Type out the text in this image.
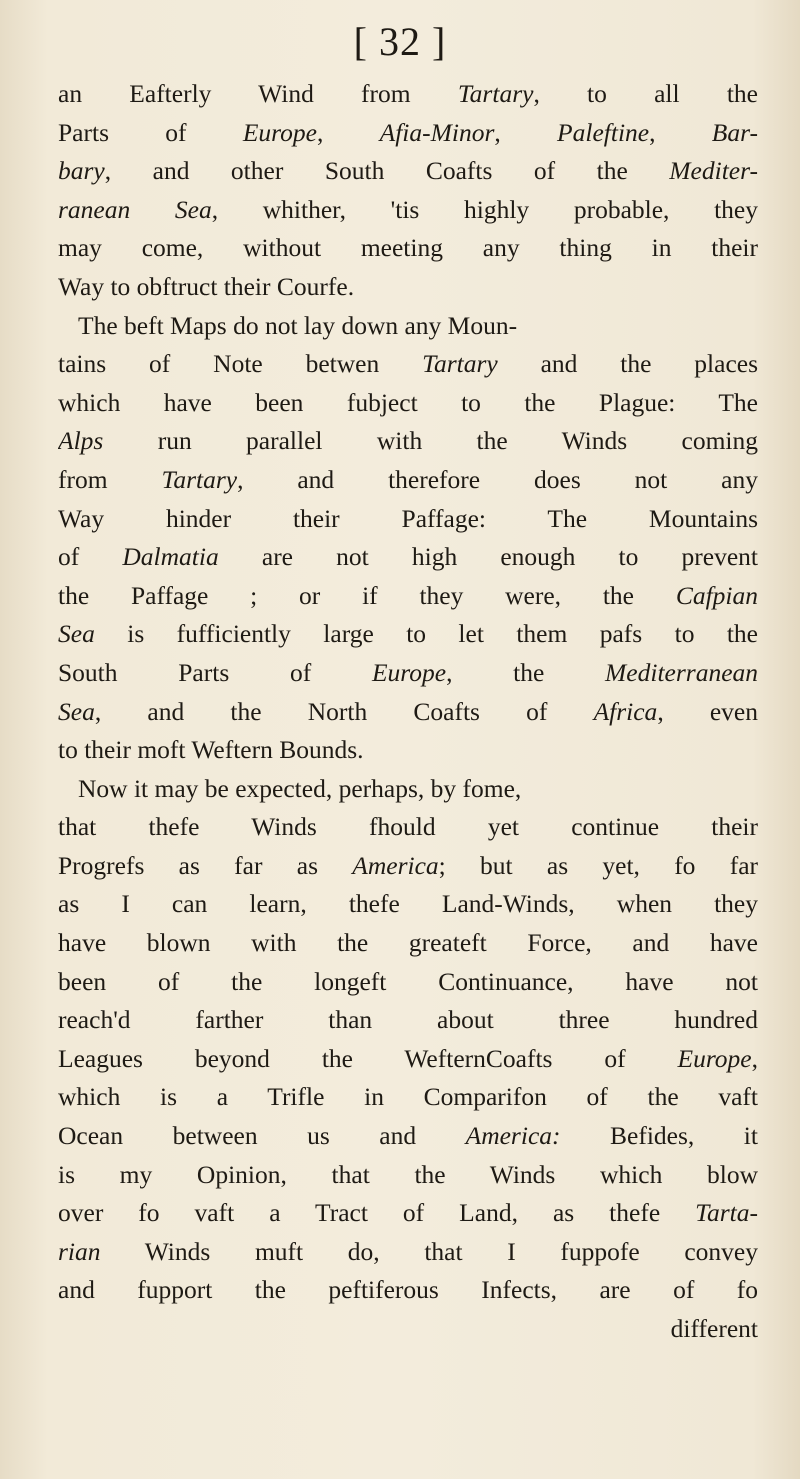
[ 32 ]
an Eafterly Wind from Tartary, to all the
Parts of Europe, Afia-Minor, Paleftine, Bar-
bary, and other South Coafts of the Mediter-
ranean Sea, whither, 'tis highly probable, they
may come, without meeting any thing in their
Way to obftruct their Courfe.
The beft Maps do not lay down any Moun-
tains of Note betwen Tartary and the places
which have been fubject to the Plague: The
Alps run parallel with the Winds coming
from Tartary, and therefore does not any
Way hinder their Paffage: The Mountains
of Dalmatia are not high enough to prevent
the Paffage ; or if they were, the Cafpian
Sea is fufficiently large to let them pafs to the
South Parts of Europe, the Mediterranean
Sea, and the North Coafts of Africa, even
to their moft Weftern Bounds.
Now it may be expected, perhaps, by fome,
that thefe Winds fhould yet continue their
Progrefs as far as America; but as yet, fo far
as I can learn, thefe Land-Winds, when they
have blown with the greateft Force, and have
been of the longeft Continuance, have not
reach'd farther than about three hundred
Leagues beyond the WefternCoafts of Europe,
which is a Trifle in Comparifon of the vaft
Ocean between us and America: Befides, it
is my Opinion, that the Winds which blow
over fo vaft a Tract of Land, as thefe Tarta-
rian Winds muft do, that I fuppofe convey
and fupport the peftiferous Infects, are of fo
different
